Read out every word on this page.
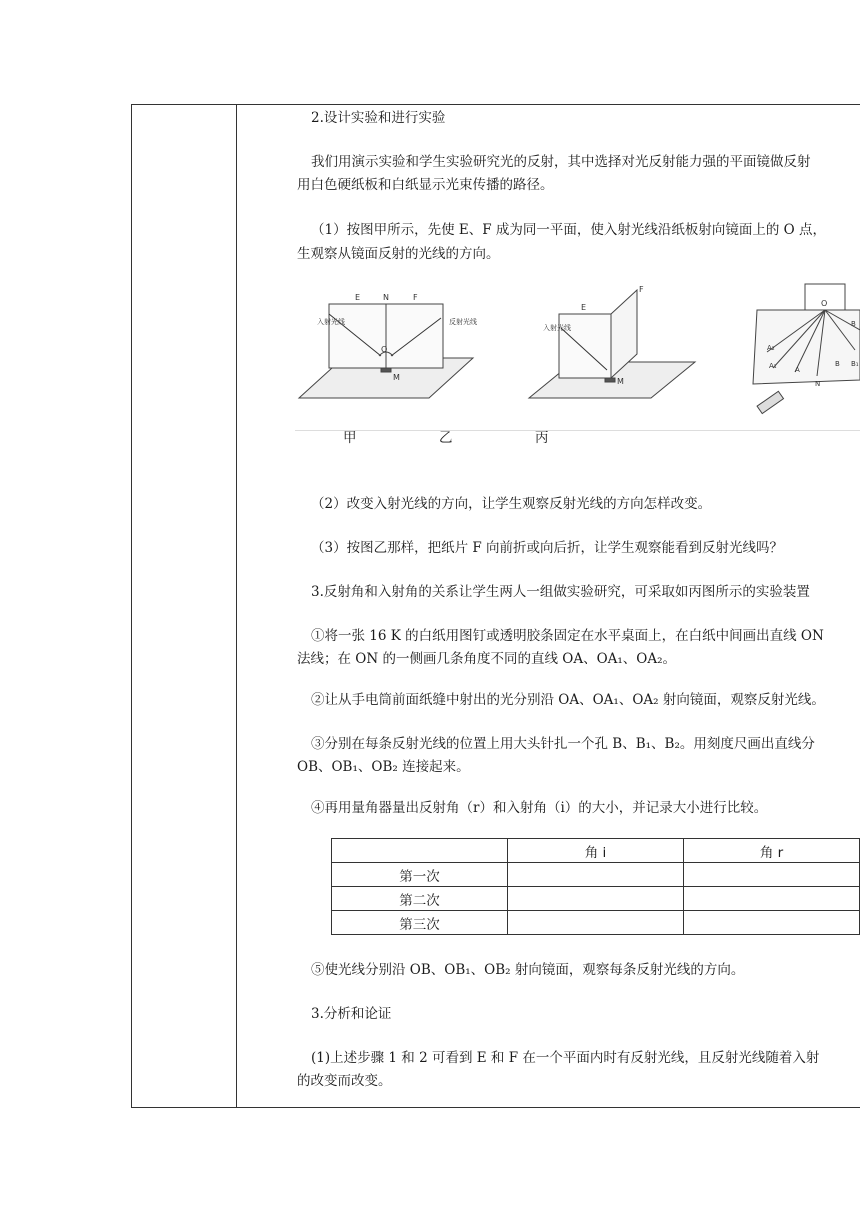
2.设计实验和进行实验
我们用演示实验和学生实验研究光的反射，其中选择对光反射能力强的平面镜做反射
用白色硬纸板和白纸显示光束传播的路径。
（1）按图甲所示，先使 E、F 成为同一平面，使入射光线沿纸板射向镜面上的 O 点，
生观察从镜面反射的光线的方向。
入射光线	反射光线
E	N	F
O
M
入射光线
E
F
M
O
A₂
A₁	A
N
B B₁
B
甲	乙	丙
（2）改变入射光线的方向，让学生观察反射光线的方向怎样改变。
（3）按图乙那样，把纸片 F 向前折或向后折，让学生观察能看到反射光线吗？
3.反射角和入射角的关系让学生两人一组做实验研究，可采取如丙图所示的实验装置
①将一张 16 K 的白纸用图钉或透明胶条固定在水平桌面上，在白纸中间画出直线 ON
法线；在 ON 的一侧画几条角度不同的直线 OA、OA₁、OA₂。
②让从手电筒前面纸缝中射出的光分别沿 OA、OA₁、OA₂ 射向镜面，观察反射光线。
③分别在每条反射光线的位置上用大头针扎一个孔 B、B₁、B₂。用刻度尺画出直线分
OB、OB₁、OB₂ 连接起来。
④再用量角器量出反射角（r）和入射角（i）的大小，并记录大小进行比较。
	角 i	角 r
第一次		
第二次		
第三次		
⑤使光线分别沿 OB、OB₁、OB₂ 射向镜面，观察每条反射光线的方向。
3.分析和论证
(1)上述步骤 1 和 2 可看到 E 和 F 在一个平面内时有反射光线，且反射光线随着入射
的改变而改变。
